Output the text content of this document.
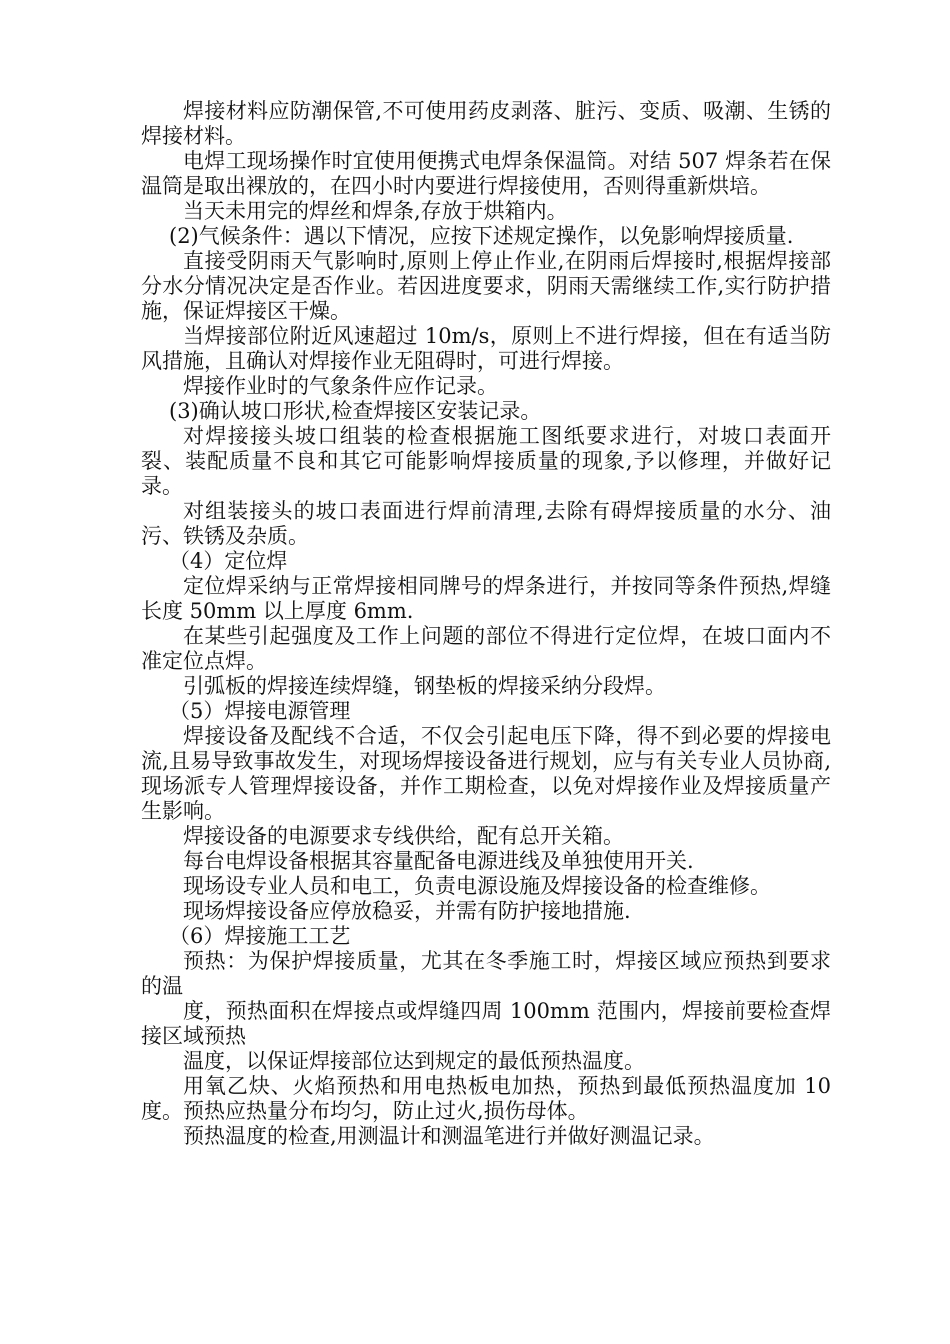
焊接材料应防潮保管,不可使用药皮剥落、脏污、变质、吸潮、生锈的焊接材料。

电焊工现场操作时宜使用便携式电焊条保温筒。对结 507 焊条若在保温筒是取出裸放的，在四小时内要进行焊接使用，否则得重新烘培。

当天未用完的焊丝和焊条,存放于烘箱内。

(2)气候条件：遇以下情况，应按下述规定操作，以免影响焊接质量.

直接受阴雨天气影响时,原则上停止作业,在阴雨后焊接时,根据焊接部分水分情况决定是否作业。若因进度要求，阴雨天需继续工作,实行防护措施，保证焊接区干燥。

当焊接部位附近风速超过 10m/s，原则上不进行焊接，但在有适当防风措施，且确认对焊接作业无阻碍时，可进行焊接。

焊接作业时的气象条件应作记录。

(3)确认坡口形状,检查焊接区安装记录。

对焊接接头坡口组装的检查根据施工图纸要求进行，对坡口表面开裂、装配质量不良和其它可能影响焊接质量的现象,予以修理，并做好记录。

对组装接头的坡口表面进行焊前清理,去除有碍焊接质量的水分、油污、铁锈及杂质。

（4）定位焊

定位焊采纳与正常焊接相同牌号的焊条进行，并按同等条件预热,焊缝长度 50mm 以上厚度 6mm.

在某些引起强度及工作上问题的部位不得进行定位焊，在坡口面内不准定位点焊。

引弧板的焊接连续焊缝，钢垫板的焊接采纳分段焊。

（5）焊接电源管理

焊接设备及配线不合适，不仅会引起电压下降，得不到必要的焊接电流,且易导致事故发生，对现场焊接设备进行规划，应与有关专业人员协商,现场派专人管理焊接设备，并作工期检查，以免对焊接作业及焊接质量产生影响。

焊接设备的电源要求专线供给，配有总开关箱。

每台电焊设备根据其容量配备电源进线及单独使用开关.

现场设专业人员和电工，负责电源设施及焊接设备的检查维修。

现场焊接设备应停放稳妥，并需有防护接地措施.

（6）焊接施工工艺

预热：为保护焊接质量，尤其在冬季施工时，焊接区域应预热到要求的温

度，预热面积在焊接点或焊缝四周 100mm 范围内，焊接前要检查焊接区域预热

温度，以保证焊接部位达到规定的最低预热温度。

用氧乙炔、火焰预热和用电热板电加热，预热到最低预热温度加 10 度。预热应热量分布均匀，防止过火,损伤母体。

预热温度的检查,用测温计和测温笔进行并做好测温记录。
